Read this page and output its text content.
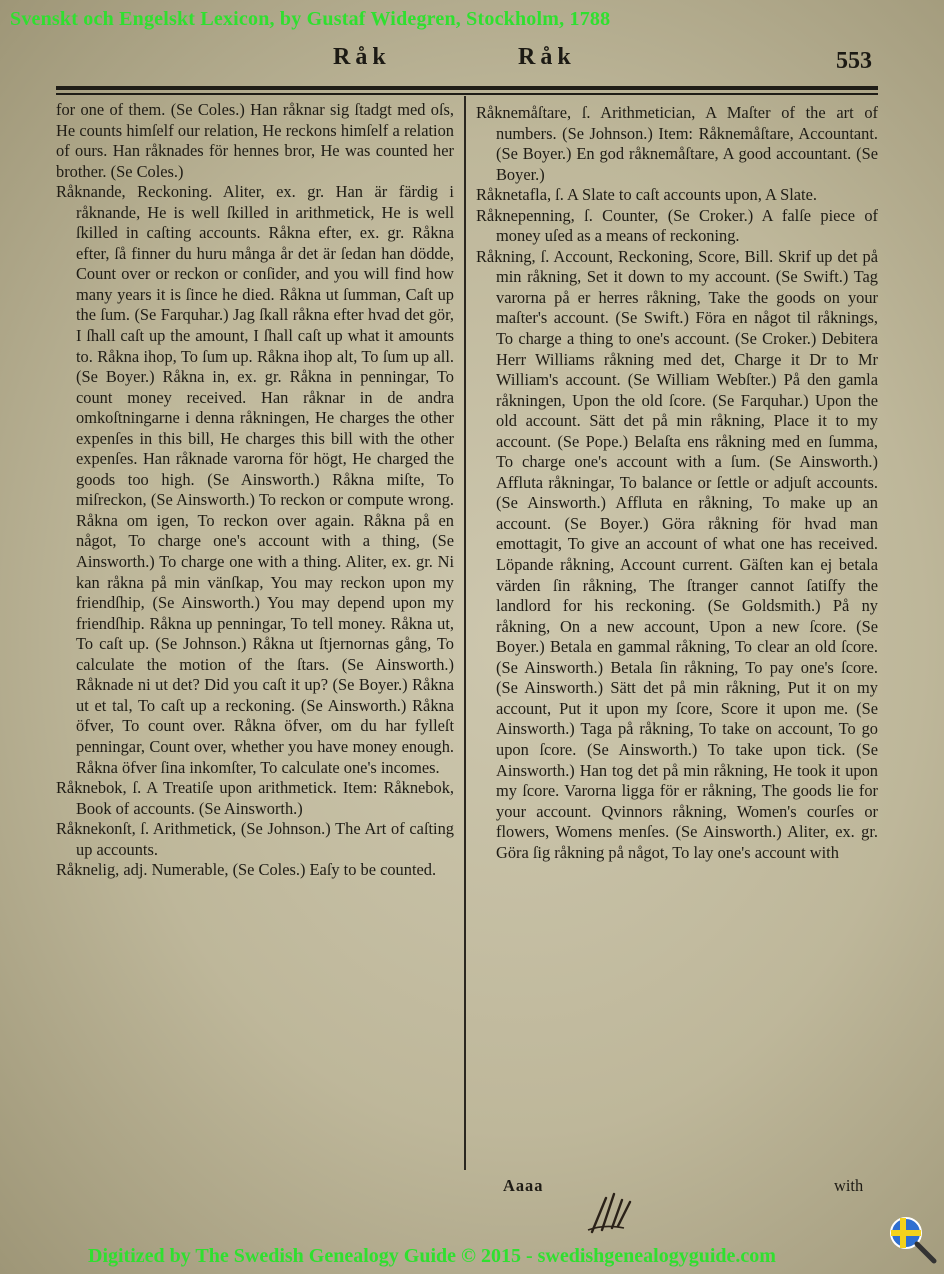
Svenskt och Engelskt Lexicon, by Gustaf Widegren, Stockholm, 1788
Råk	Råk	553

for one of them. (Se Coles.) Han råknar sig ſtadgt med oſs, He counts himſelf our relation, He reckons himſelf a relation of ours. Han råknades för hennes bror, He was counted her brother. (Se Coles.)

Råknande, Reckoning. Aliter, ex. gr. Han är färdig i råknande, He is well ſkilled in arithmetick, He is well ſkilled in caſting accounts. Råkna efter, ex. gr. Råkna efter, ſå finner du huru många år det är ſedan han dödde, Count over or reckon or conſider, and you will find how many years it is ſince he died. Råkna ut ſumman, Caſt up the ſum. (Se Farquhar.) Jag ſkall råkna efter hvad det gör, I ſhall caſt up the amount, I ſhall caſt up what it amounts to. Råkna ihop, To ſum up. Råkna ihop alt, To ſum up all. (Se Boyer.) Råkna in, ex. gr. Råkna in penningar, To count money received. Han råknar in de andra omkoſtningarne i denna råkningen, He charges the other expenſes in this bill, He charges this bill with the other expenſes. Han råknade varorna för högt, He charged the goods too high. (Se Ainsworth.) Råkna miſte, To miſreckon, (Se Ainsworth.) To reckon or compute wrong. Råkna om igen, To reckon over again. Råkna på en något, To charge one's account with a thing, (Se Ainsworth.) To charge one with a thing. Aliter, ex. gr. Ni kan råkna på min vänſkap, You may reckon upon my friendſhip, (Se Ainsworth.) You may depend upon my friendſhip. Råkna up penningar, To tell money. Råkna ut, To caſt up. (Se Johnson.) Råkna ut ſtjernornas gång, To calculate the motion of the ſtars. (Se Ainsworth.) Råknade ni ut det? Did you caſt it up? (Se Boyer.) Råkna ut et tal, To caſt up a reckoning. (Se Ainsworth.) Råkna öfver, To count over. Råkna öfver, om du har fylleſt penningar, Count over, whether you have money enough. Råkna öfver ſina inkomſter, To calculate one's incomes.

Råknebok, ſ. A Treatiſe upon arithmetick. Item: Råknebok, Book of accounts. (Se Ainsworth.)

Råknekonſt, ſ. Arithmetick, (Se Johnson.) The Art of caſting up accounts.

Råknelig, adj. Numerable, (Se Coles.) Eaſy to be counted.

Råknemåſtare, ſ. Arithmetician, A Maſter of the art of numbers. (Se Johnson.) Item: Råknemåſtare, Accountant. (Se Boyer.) En god råknemåſtare, A good accountant. (Se Boyer.)

Råknetafla, ſ. A Slate to caſt accounts upon, A Slate.

Råknepenning, ſ. Counter, (Se Croker.) A falſe piece of money uſed as a means of reckoning.

Råkning, ſ. Account, Reckoning, Score, Bill. Skrif up det på min råkning, Set it down to my account. (Se Swift.) Tag varorna på er herres råkning, Take the goods on your maſter's account. (Se Swift.) Föra en något til råknings, To charge a thing to one's account. (Se Croker.) Debitera Herr Williams råkning med det, Charge it Dr to Mr William's account. (Se William Webſter.) På den gamla råkningen, Upon the old ſcore. (Se Farquhar.) Upon the old account. Sätt det på min råkning, Place it to my account. (Se Pope.) Belaſta ens råkning med en ſumma, To charge one's account with a ſum. (Se Ainsworth.) Affluta råkningar, To balance or ſettle or adjuſt accounts. (Se Ainsworth.) Affluta en råkning, To make up an account. (Se Boyer.) Göra råkning för hvad man emottagit, To give an account of what one has received. Löpande råkning, Account current. Gäſten kan ej betala värden ſin råkning, The ſtranger cannot ſatiſfy the landlord for his reckoning. (Se Goldsmith.) På ny råkning, On a new account, Upon a new ſcore. (Se Boyer.) Betala en gammal råkning, To clear an old ſcore. (Se Ainsworth.) Betala ſin råkning, To pay one's ſcore. (Se Ainsworth.) Sätt det på min råkning, Put it on my account, Put it upon my ſcore, Score it upon me. (Se Ainsworth.) Taga på råkning, To take on account, To go upon ſcore. (Se Ainsworth.) To take upon tick. (Se Ainsworth.) Han tog det på min råkning, He took it upon my ſcore. Varorna ligga för er råkning, The goods lie for your account. Qvinnors råkning, Women's courſes or flowers, Womens menſes. (Se Ainsworth.) Aliter, ex. gr. Göra ſig råkning på något, To lay one's account with

Aaaa	with
Digitized by The Swedish Genealogy Guide © 2015 - swedishgenealogyguide.com
